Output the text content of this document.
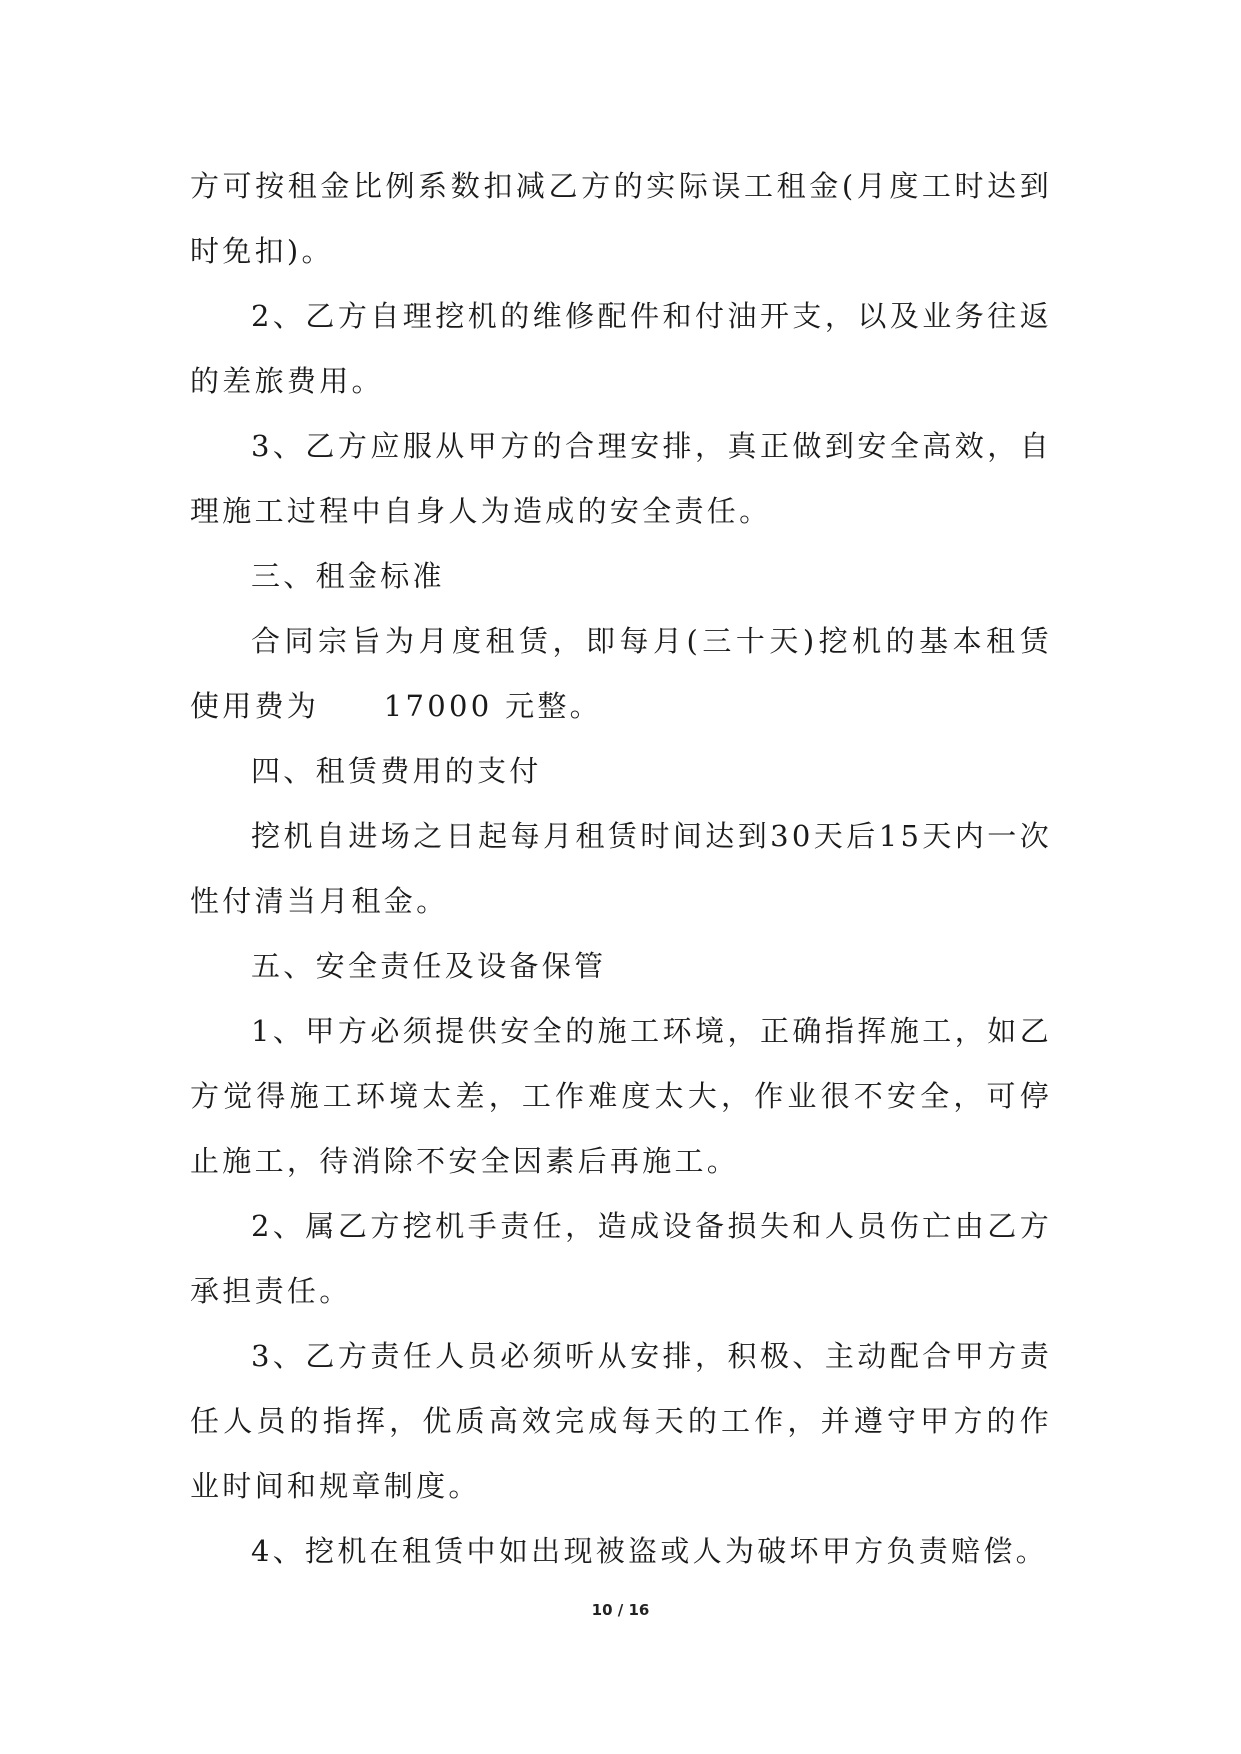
方可按租金比例系数扣减乙方的实际误工租金(月度工时达到时免扣)。

2、乙方自理挖机的维修配件和付油开支，以及业务往返的差旅费用。

3、乙方应服从甲方的合理安排，真正做到安全高效，自理施工过程中自身人为造成的安全责任。

三、租金标准

合同宗旨为月度租赁，即每月(三十天)挖机的基本租赁使用费为　　17000 元整。

四、租赁费用的支付

挖机自进场之日起每月租赁时间达到30天后15天内一次性付清当月租金。

五、安全责任及设备保管

1、甲方必须提供安全的施工环境，正确指挥施工，如乙方觉得施工环境太差，工作难度太大，作业很不安全，可停止施工，待消除不安全因素后再施工。

2、属乙方挖机手责任，造成设备损失和人员伤亡由乙方承担责任。

3、乙方责任人员必须听从安排，积极、主动配合甲方责任人员的指挥，优质高效完成每天的工作，并遵守甲方的作业时间和规章制度。

4、挖机在租赁中如出现被盗或人为破坏甲方负责赔偿。

10 / 16
